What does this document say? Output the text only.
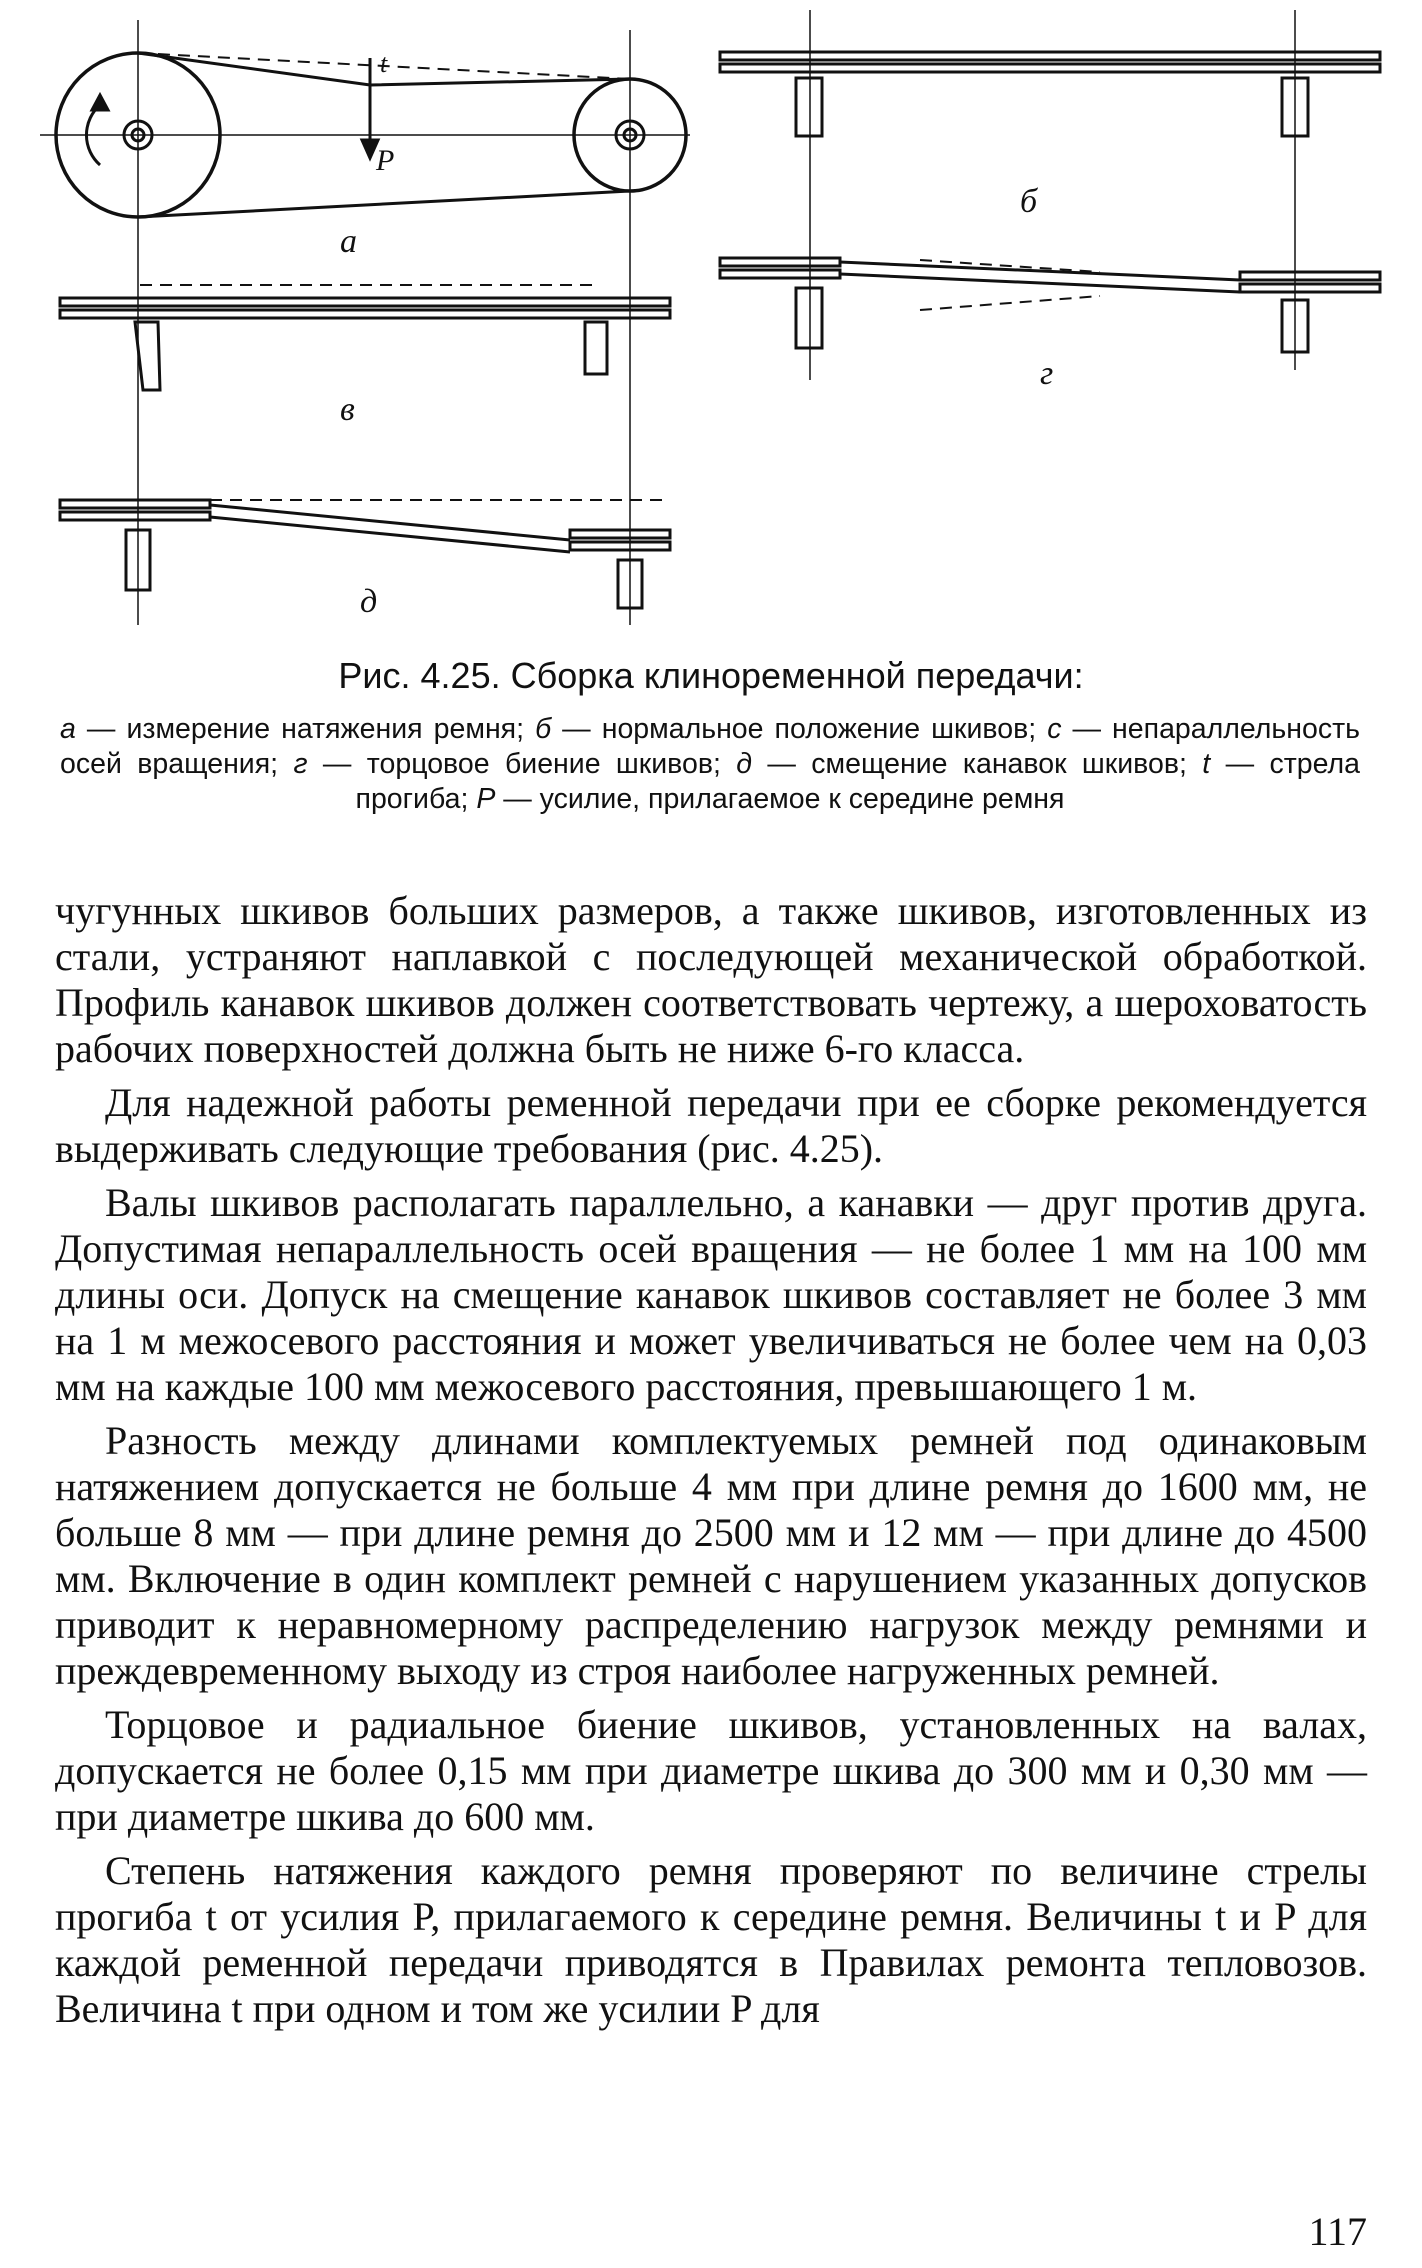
а
P
t
в
д
б
г
Рис. 4.25. Сборка клиноременной передачи:
а — измерение натяжения ремня; б — нормальное положение шкивов; с — непараллельность осей вращения; г — торцовое биение шкивов; д — смещение канавок шкивов; t — стрела прогиба; P — усилие, прилагаемое к середине ремня

чугунных шкивов больших размеров, а также шкивов, изготовленных из стали, устраняют наплавкой с последующей механической обработкой. Профиль канавок шкивов должен соответствовать чертежу, а шероховатость рабочих поверхностей должна быть не ниже 6-го класса.

Для надежной работы ременной передачи при ее сборке рекомендуется выдерживать следующие требования (рис. 4.25).

Валы шкивов располагать параллельно, а канавки — друг против друга. Допустимая непараллельность осей вращения — не более 1 мм на 100 мм длины оси. Допуск на смещение канавок шкивов составляет не более 3 мм на 1 м межосевого расстояния и может увеличиваться не более чем на 0,03 мм на каждые 100 мм межосевого расстояния, превышающего 1 м.

Разность между длинами комплектуемых ремней под одинаковым натяжением допускается не больше 4 мм при длине ремня до 1600 мм, не больше 8 мм — при длине ремня до 2500 мм и 12 мм — при длине до 4500 мм. Включение в один комплект ремней с нарушением указанных допусков приводит к неравномерному распределению нагрузок между ремнями и преждевременному выходу из строя наиболее нагруженных ремней.

Торцовое и радиальное биение шкивов, установленных на валах, допускается не более 0,15 мм при диаметре шкива до 300 мм и 0,30 мм — при диаметре шкива до 600 мм.

Степень натяжения каждого ремня проверяют по величине стрелы прогиба t от усилия P, прилагаемого к середине ремня. Величины t и P для каждой ременной передачи приводятся в Правилах ремонта тепловозов. Величина t при одном и том же усилии P для

117
